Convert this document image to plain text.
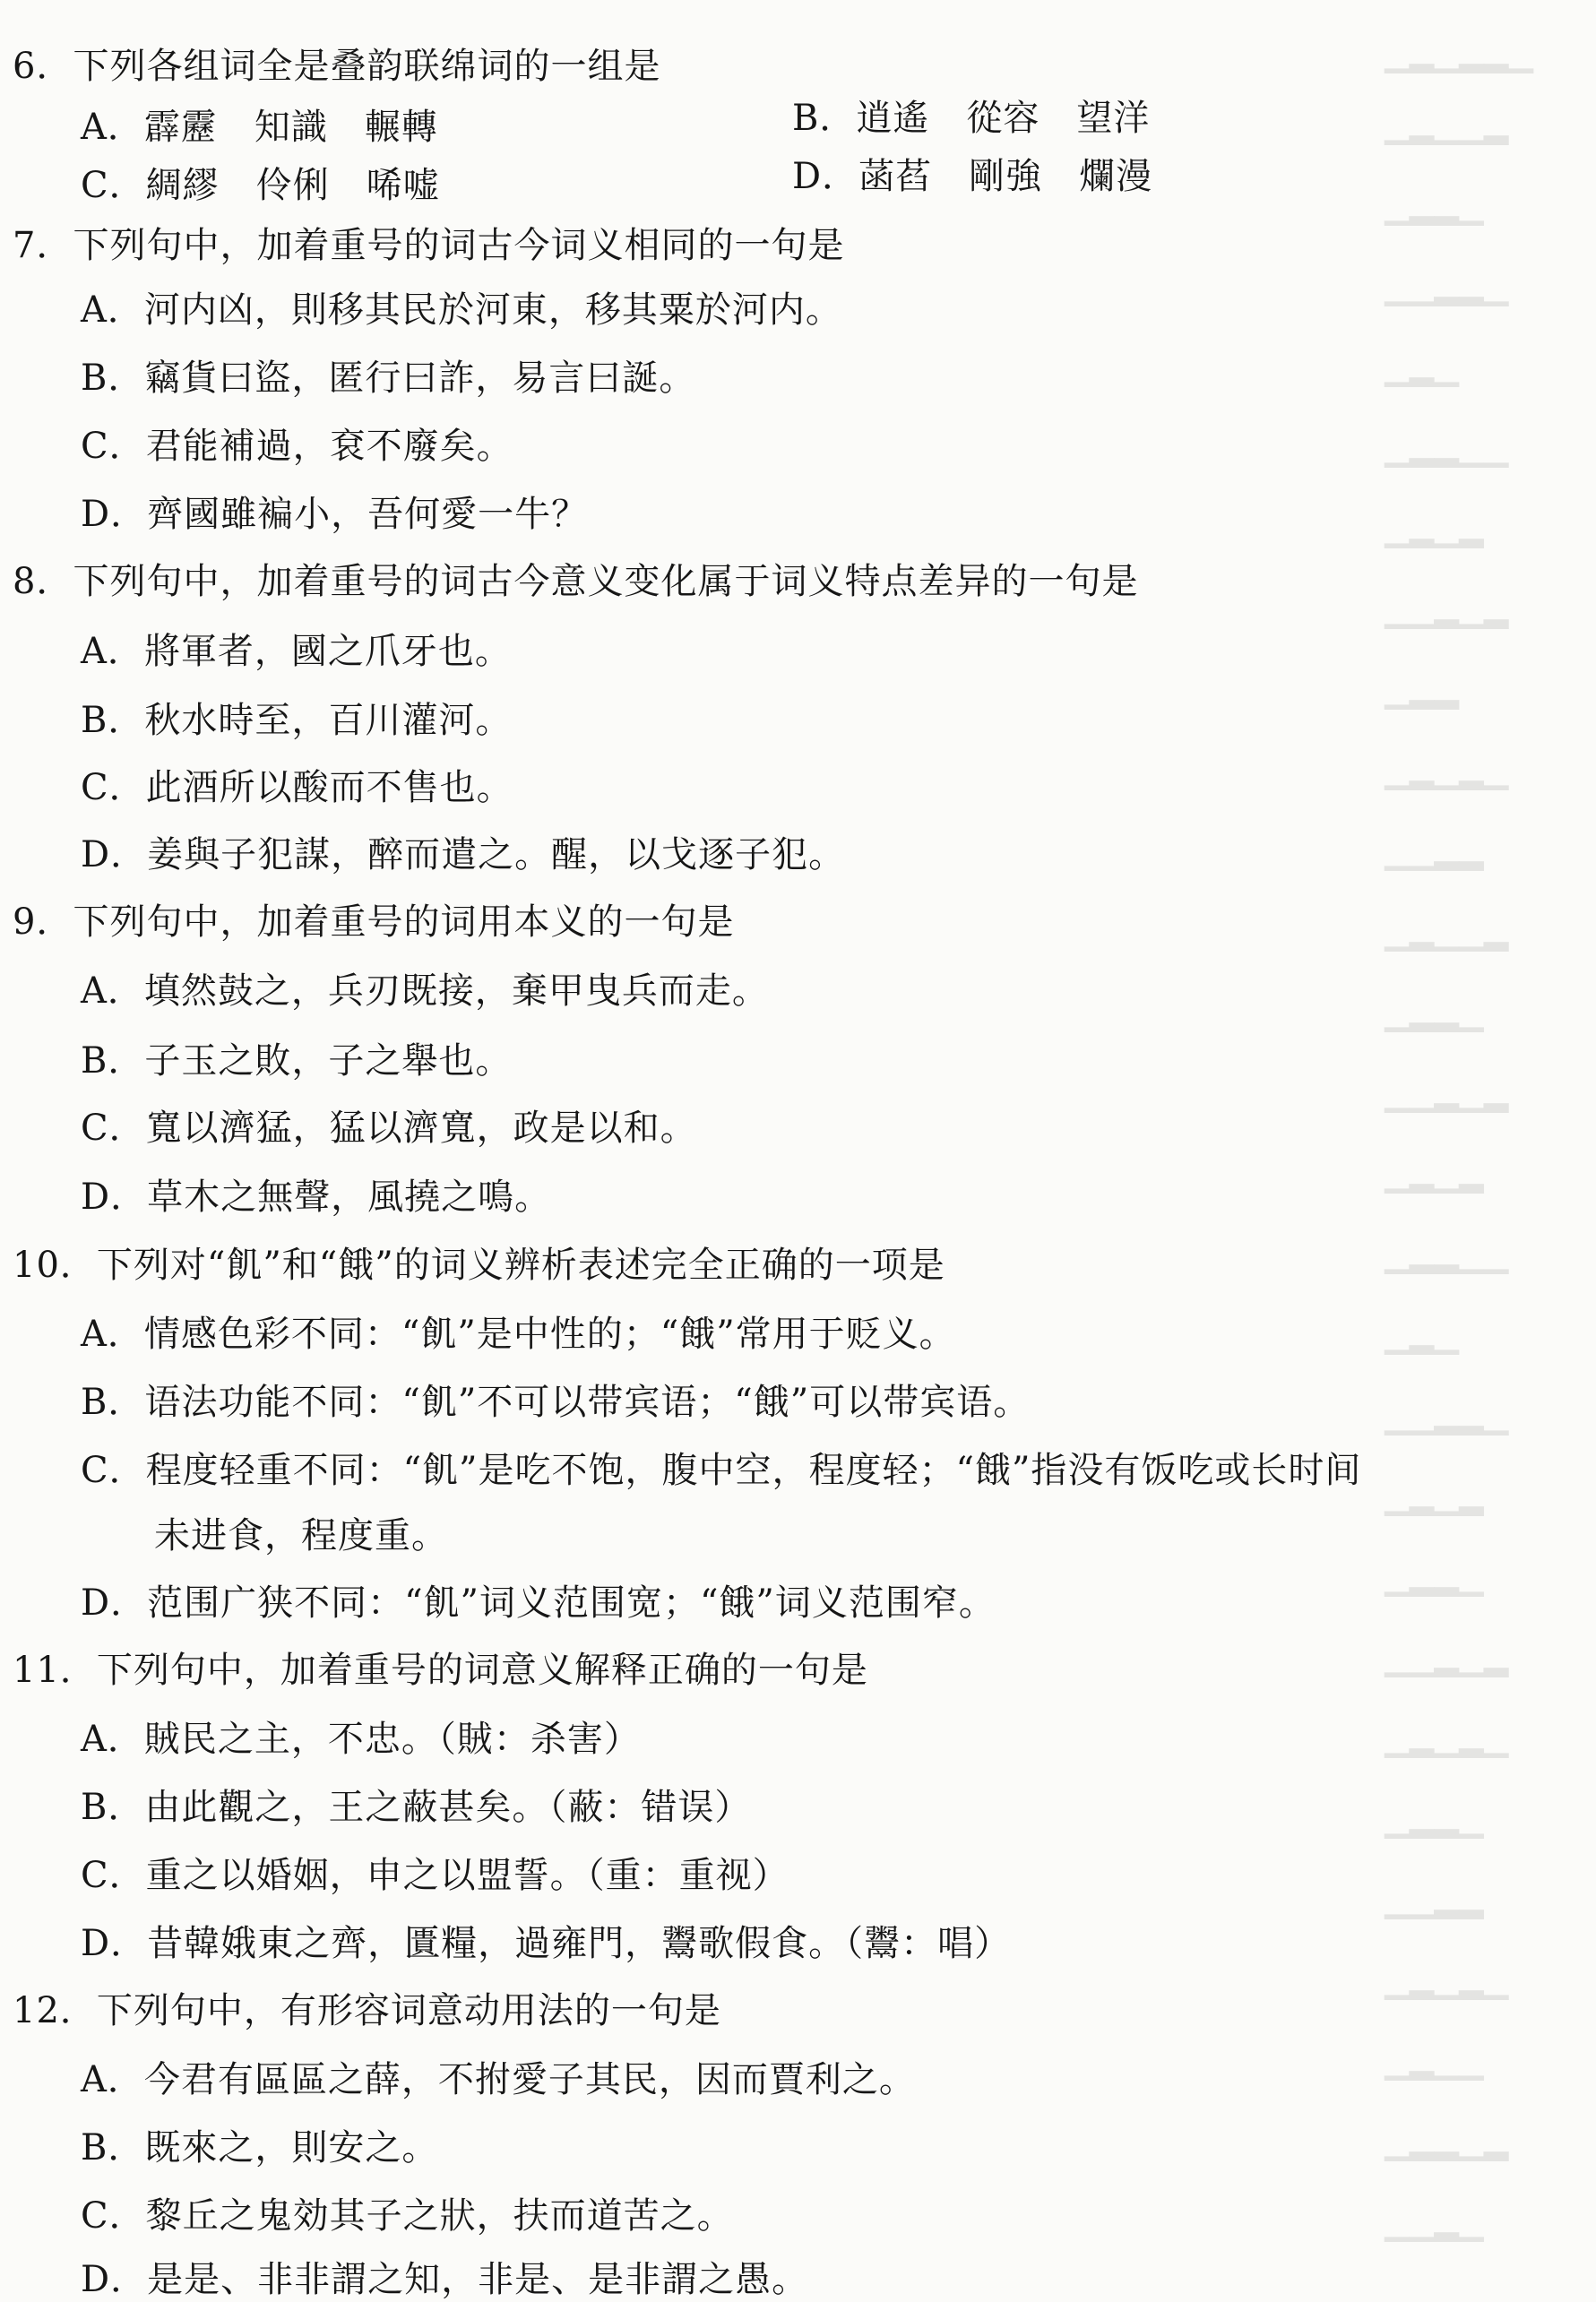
▁▂▁▂▂▁
▁▂▁▁▂
▁▂▂▁
▁▁▂▂▁
▁▂▁
▁▂▂▁▁
▁▂▁▂
▁▁▂▁▂
▁▂▂
▁▂▁▂▁
▁▁▂▂
▁▂▁▁▂
▁▂▂▁
▁▁▂▁▂
▁▂▁▂
▁▂▂▁▁
▁▂▁
▁▁▂▂▁
▁▂▁▂
▁▂▂▁
▁▁▂▁▂
▁▂▁▂▁
▁▂▂▁
▁▁▂▂
▁▂▁▂▁
▁▂▁▁
▁▂▂▁▂
▁▁▂▁
6．下列各组词全是叠韵联绵词的一组是
A．霹靂　知識　輾轉	B．逍遙　從容　望洋
C．綢繆　伶俐　唏嘘	D．菡萏　剛強　爛漫
7．下列句中，加着重号的词古今词义相同的一句是
A．河内凶，則移其民於河東，移其粟於河内。
B．竊貨曰盜，匿行曰詐，易言曰誕。
C．君能補過，袞不廢矣。
D．齊國雖褊小，吾何愛一牛？
8．下列句中，加着重号的词古今意义变化属于词义特点差异的一句是
A．將軍者，國之爪牙也。
B．秋水時至，百川灌河。
C．此酒所以酸而不售也。
D．姜與子犯謀，醉而遣之。醒，以戈逐子犯。
9．下列句中，加着重号的词用本义的一句是
A．填然鼓之，兵刃既接，棄甲曳兵而走。
B．子玉之敗，子之舉也。
C．寬以濟猛，猛以濟寬，政是以和。
D．草木之無聲，風撓之鳴。
10．下列对“飢”和“餓”的词义辨析表述完全正确的一项是
A．情感色彩不同：“飢”是中性的；“餓”常用于贬义。
B．语法功能不同：“飢”不可以带宾语；“餓”可以带宾语。
C．程度轻重不同：“飢”是吃不饱，腹中空，程度轻；“餓”指没有饭吃或长时间
未进食，程度重。
D．范围广狭不同：“飢”词义范围宽；“餓”词义范围窄。
11．下列句中，加着重号的词意义解释正确的一句是
A．賊民之主，不忠。（賊：杀害）
B．由此觀之，王之蔽甚矣。（蔽：错误）
C．重之以婚姻，申之以盟誓。（重：重视）
D．昔韓娥東之齊，匱糧，過雍門，鬻歌假食。（鬻：唱）
12．下列句中，有形容词意动用法的一句是
A．今君有區區之薛，不拊愛子其民，因而賈利之。
B．既來之，則安之。
C．黎丘之鬼効其子之狀，扶而道苦之。
D．是是、非非謂之知，非是、是非謂之愚。
